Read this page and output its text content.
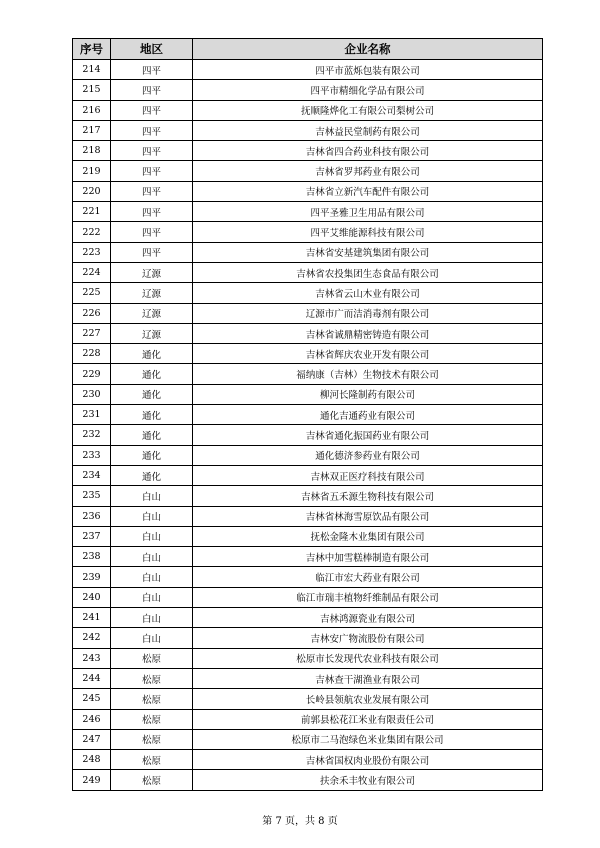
序号	地区	企业名称
214	四平	四平市蓝烁包装有限公司
215	四平	四平市精细化学品有限公司
216	四平	抚顺隆烨化工有限公司梨树公司
217	四平	吉林益民堂制药有限公司
218	四平	吉林省四合药业科技有限公司
219	四平	吉林省罗邦药业有限公司
220	四平	吉林省立新汽车配件有限公司
221	四平	四平圣雅卫生用品有限公司
222	四平	四平艾维能源科技有限公司
223	四平	吉林省安基建筑集团有限公司
224	辽源	吉林省农投集团生态食品有限公司
225	辽源	吉林省云山木业有限公司
226	辽源	辽源市广而洁消毒剂有限公司
227	辽源	吉林省诚鼎精密铸造有限公司
228	通化	吉林省辉庆农业开发有限公司
229	通化	福纳康（吉林）生物技术有限公司
230	通化	柳河长隆制药有限公司
231	通化	通化吉通药业有限公司
232	通化	吉林省通化振国药业有限公司
233	通化	通化德济参药业有限公司
234	通化	吉林双正医疗科技有限公司
235	白山	吉林省五禾源生物科技有限公司
236	白山	吉林省林海雪原饮品有限公司
237	白山	抚松金隆木业集团有限公司
238	白山	吉林中加雪糕棒制造有限公司
239	白山	临江市宏大药业有限公司
240	白山	临江市瑞丰植物纤维制品有限公司
241	白山	吉林鸿源瓷业有限公司
242	白山	吉林安广物流股份有限公司
243	松原	松原市长发现代农业科技有限公司
244	松原	吉林查干湖渔业有限公司
245	松原	长岭县领航农业发展有限公司
246	松原	前郭县松花江米业有限责任公司
247	松原	松原市二马泡绿色米业集团有限公司
248	松原	吉林省国权肉业股份有限公司
249	松原	扶余禾丰牧业有限公司
第 7 页，共 8 页
